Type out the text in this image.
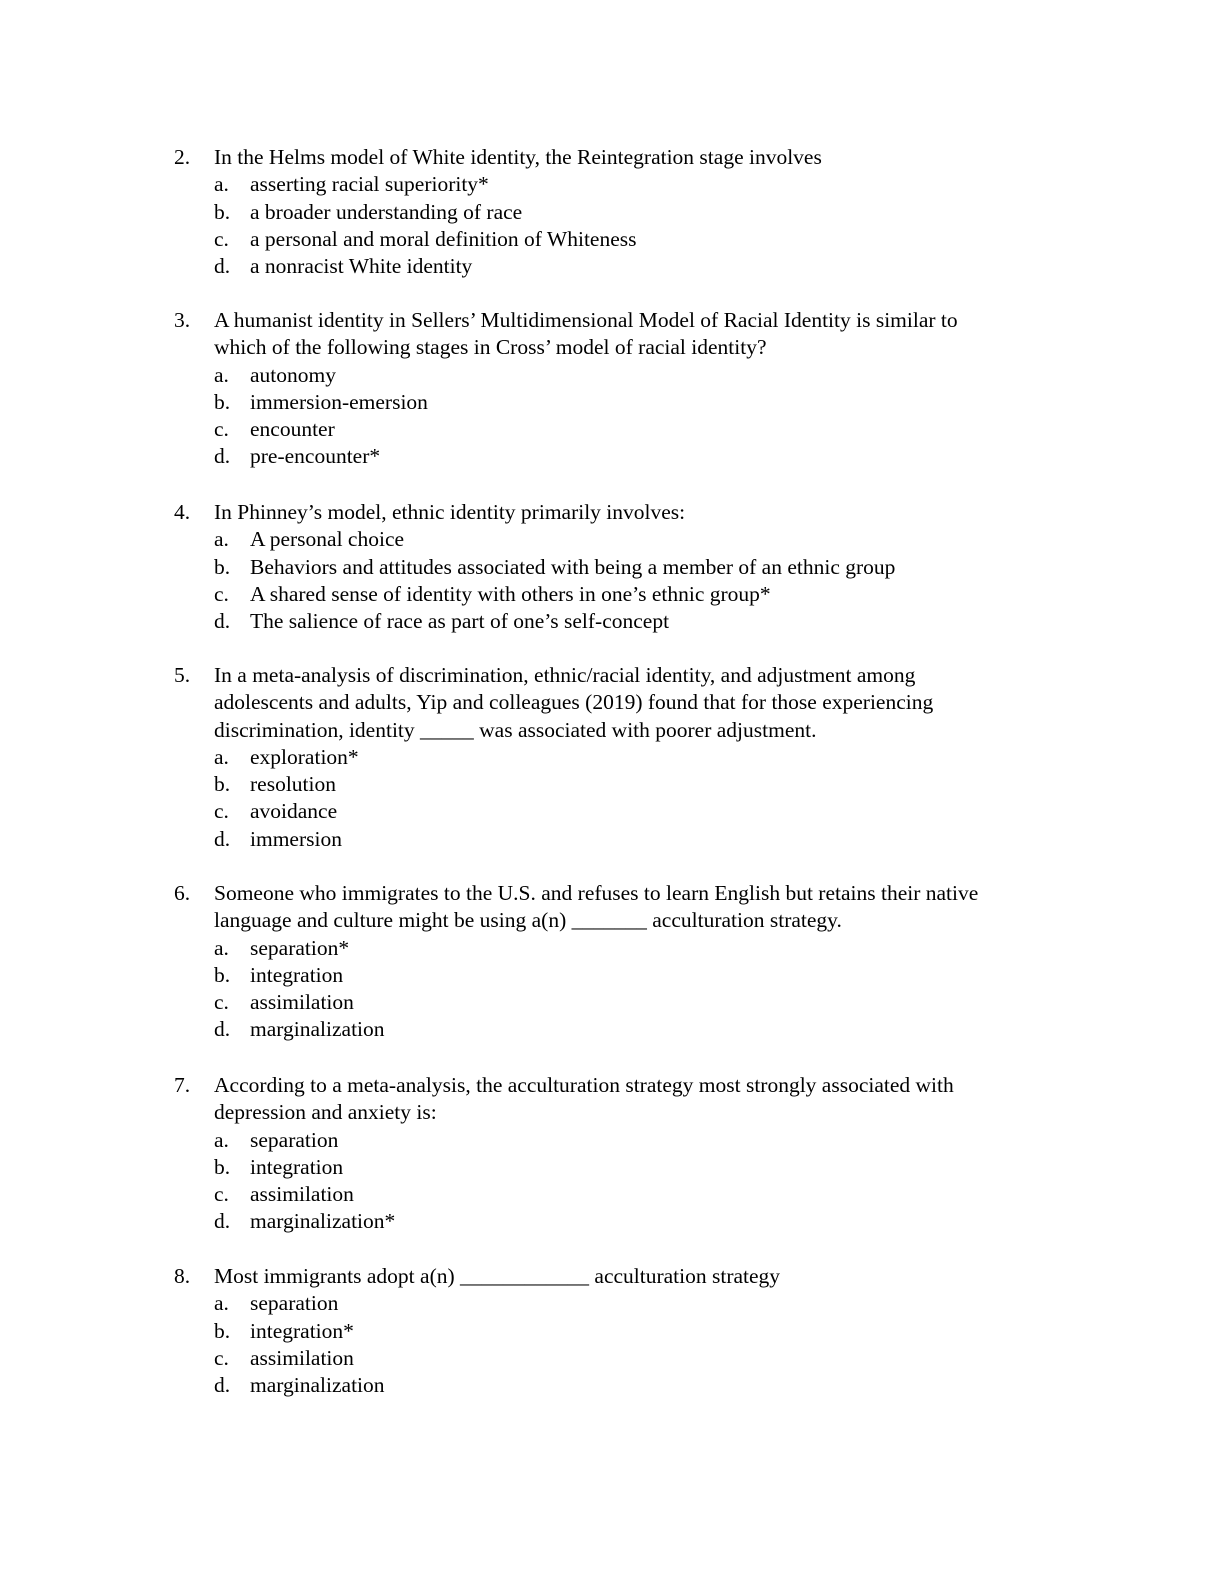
2.	In the Helms model of White identity, the Reintegration stage involves
a. asserting racial superiority*
b. a broader understanding of race
c. a personal and moral definition of Whiteness
d. a nonracist White identity
3.	A humanist identity in Sellers’ Multidimensional Model of Racial Identity is similar to
which of the following stages in Cross’ model of racial identity?
a. autonomy
b. immersion-emersion
c. encounter
d. pre-encounter*
4.	In Phinney’s model, ethnic identity primarily involves:
a. A personal choice
b. Behaviors and attitudes associated with being a member of an ethnic group
c. A shared sense of identity with others in one’s ethnic group*
d. The salience of race as part of one’s self-concept
5.	In a meta-analysis of discrimination, ethnic/racial identity, and adjustment among
adolescents and adults, Yip and colleagues (2019) found that for those experiencing
discrimination, identity _____ was associated with poorer adjustment.
a. exploration*
b. resolution
c. avoidance
d. immersion
6.	Someone who immigrates to the U.S. and refuses to learn English but retains their native
language and culture might be using a(n) _______ acculturation strategy.
a. separation*
b. integration
c. assimilation
d. marginalization
7.	According to a meta-analysis, the acculturation strategy most strongly associated with
depression and anxiety is:
a. separation
b. integration
c. assimilation
d. marginalization*
8.	Most immigrants adopt a(n) ____________ acculturation strategy
a. separation
b. integration*
c. assimilation
d. marginalization
